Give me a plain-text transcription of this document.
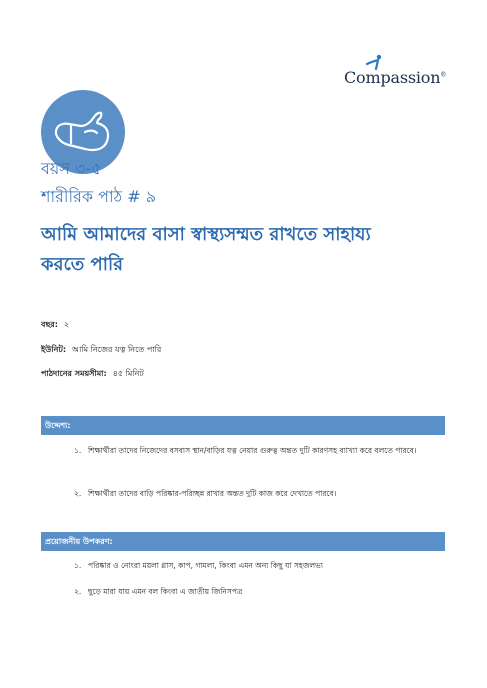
Compassion®
বয়স ৩-৫
শারীরিক পাঠ # ৯
আমি আমাদের বাসা স্বাস্থ্যসম্মত রাখতে সাহায্য করতে পারি
বছর: ২
ইউনিট: আমি নিজের যত্ন নিতে পারি
পাঠদানের সময়সীমা: ৪৫ মিনিট
উদ্দেশ্য:
১. শিক্ষার্থীরা তাদের নিজেদের বসবাস স্থান/বাড়ির যত্ন নেয়ার গুরুত্ব অন্তত দুটি কারণসহ ব্যাখ্যা করে বলতে পারবে।
২. শিক্ষার্থীরা তাদের বাড়ি পরিষ্কার-পরিচ্ছন্ন রাখার অন্তত দুটি কাজ করে দেখাতে পারবে।
প্রয়োজনীয় উপকরণ:
১. পরিষ্কার ও নোংরা ময়লা গ্লাস, কাপ, গামলা, কিংবা এমন অন্য কিছু যা সহজলভ্য
২. ছুড়ে মারা যায় এমন বল কিংবা এ জাতীয় জিনিসপত্র
